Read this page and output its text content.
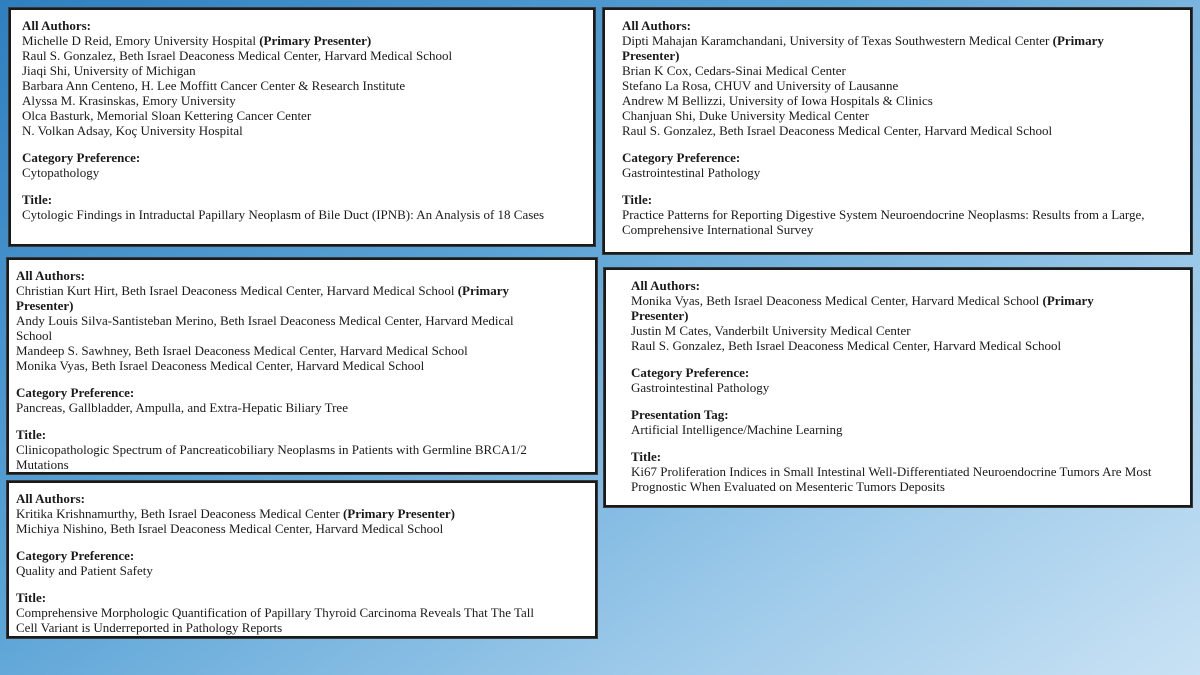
All Authors:
Michelle D Reid, Emory University Hospital (Primary Presenter)
Raul S. Gonzalez, Beth Israel Deaconess Medical Center, Harvard Medical School
Jiaqi Shi, University of Michigan
Barbara Ann Centeno, H. Lee Moffitt Cancer Center & Research Institute
Alyssa M. Krasinskas, Emory University
Olca Basturk, Memorial Sloan Kettering Cancer Center
N. Volkan Adsay, Koç University Hospital
Category Preference:
Cytopathology
Title:
Cytologic Findings in Intraductal Papillary Neoplasm of Bile Duct (IPNB): An Analysis of 18 Cases
All Authors:
Dipti Mahajan Karamchandani, University of Texas Southwestern Medical Center (Primary
Presenter)
Brian K Cox, Cedars-Sinai Medical Center
Stefano La Rosa, CHUV and University of Lausanne
Andrew M Bellizzi, University of Iowa Hospitals & Clinics
Chanjuan Shi, Duke University Medical Center
Raul S. Gonzalez, Beth Israel Deaconess Medical Center, Harvard Medical School
Category Preference:
Gastrointestinal Pathology
Title:
Practice Patterns for Reporting Digestive System Neuroendocrine Neoplasms: Results from a Large,
Comprehensive International Survey
All Authors:
Christian Kurt Hirt, Beth Israel Deaconess Medical Center, Harvard Medical School (Primary
Presenter)
Andy Louis Silva-Santisteban Merino, Beth Israel Deaconess Medical Center, Harvard Medical
School
Mandeep S. Sawhney, Beth Israel Deaconess Medical Center, Harvard Medical School
Monika Vyas, Beth Israel Deaconess Medical Center, Harvard Medical School
Category Preference:
Pancreas, Gallbladder, Ampulla, and Extra-Hepatic Biliary Tree
Title:
Clinicopathologic Spectrum of Pancreaticobiliary Neoplasms in Patients with Germline BRCA1/2
Mutations
All Authors:
Monika Vyas, Beth Israel Deaconess Medical Center, Harvard Medical School (Primary
Presenter)
Justin M Cates, Vanderbilt University Medical Center
Raul S. Gonzalez, Beth Israel Deaconess Medical Center, Harvard Medical School
Category Preference:
Gastrointestinal Pathology
Presentation Tag:
Artificial Intelligence/Machine Learning
Title:
Ki67 Proliferation Indices in Small Intestinal Well-Differentiated Neuroendocrine Tumors Are Most
Prognostic When Evaluated on Mesenteric Tumors Deposits
All Authors:
Kritika Krishnamurthy, Beth Israel Deaconess Medical Center (Primary Presenter)
Michiya Nishino, Beth Israel Deaconess Medical Center, Harvard Medical School
Category Preference:
Quality and Patient Safety
Title:
Comprehensive Morphologic Quantification of Papillary Thyroid Carcinoma Reveals That The Tall
Cell Variant is Underreported in Pathology Reports
